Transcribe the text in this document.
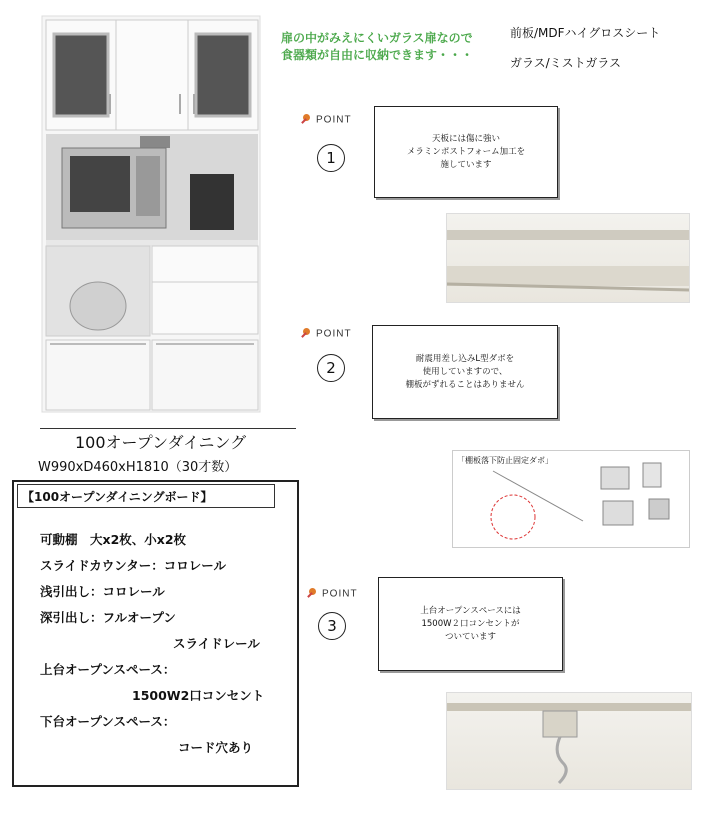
扉の中がみえにくいガラス扉なので
食器類が自由に収納できます・・・
前板/MDFハイグロスシート
ガラス/ミストガラス
100オープンダイニング
W990xD460xH1810（30才数）
【100オープンダイニングボード】
可動棚　大x2枚、小x2枚
スライドカウンター：コロレール
浅引出し：コロレール
深引出し：フルオープン
スライドレール
上台オープンスペース：
1500W2口コンセント
下台オープンスペース：
コード穴あり
POINT
1
天板には傷に強い
メラミンポストフォーム加工を
施しています
POINT
2
耐震用差し込みL型ダボを
使用していますので、
棚板がずれることはありません
「棚板落下防止固定ダボ」
POINT
3
上台オープンスペースには
1500W２口コンセントが
ついています
